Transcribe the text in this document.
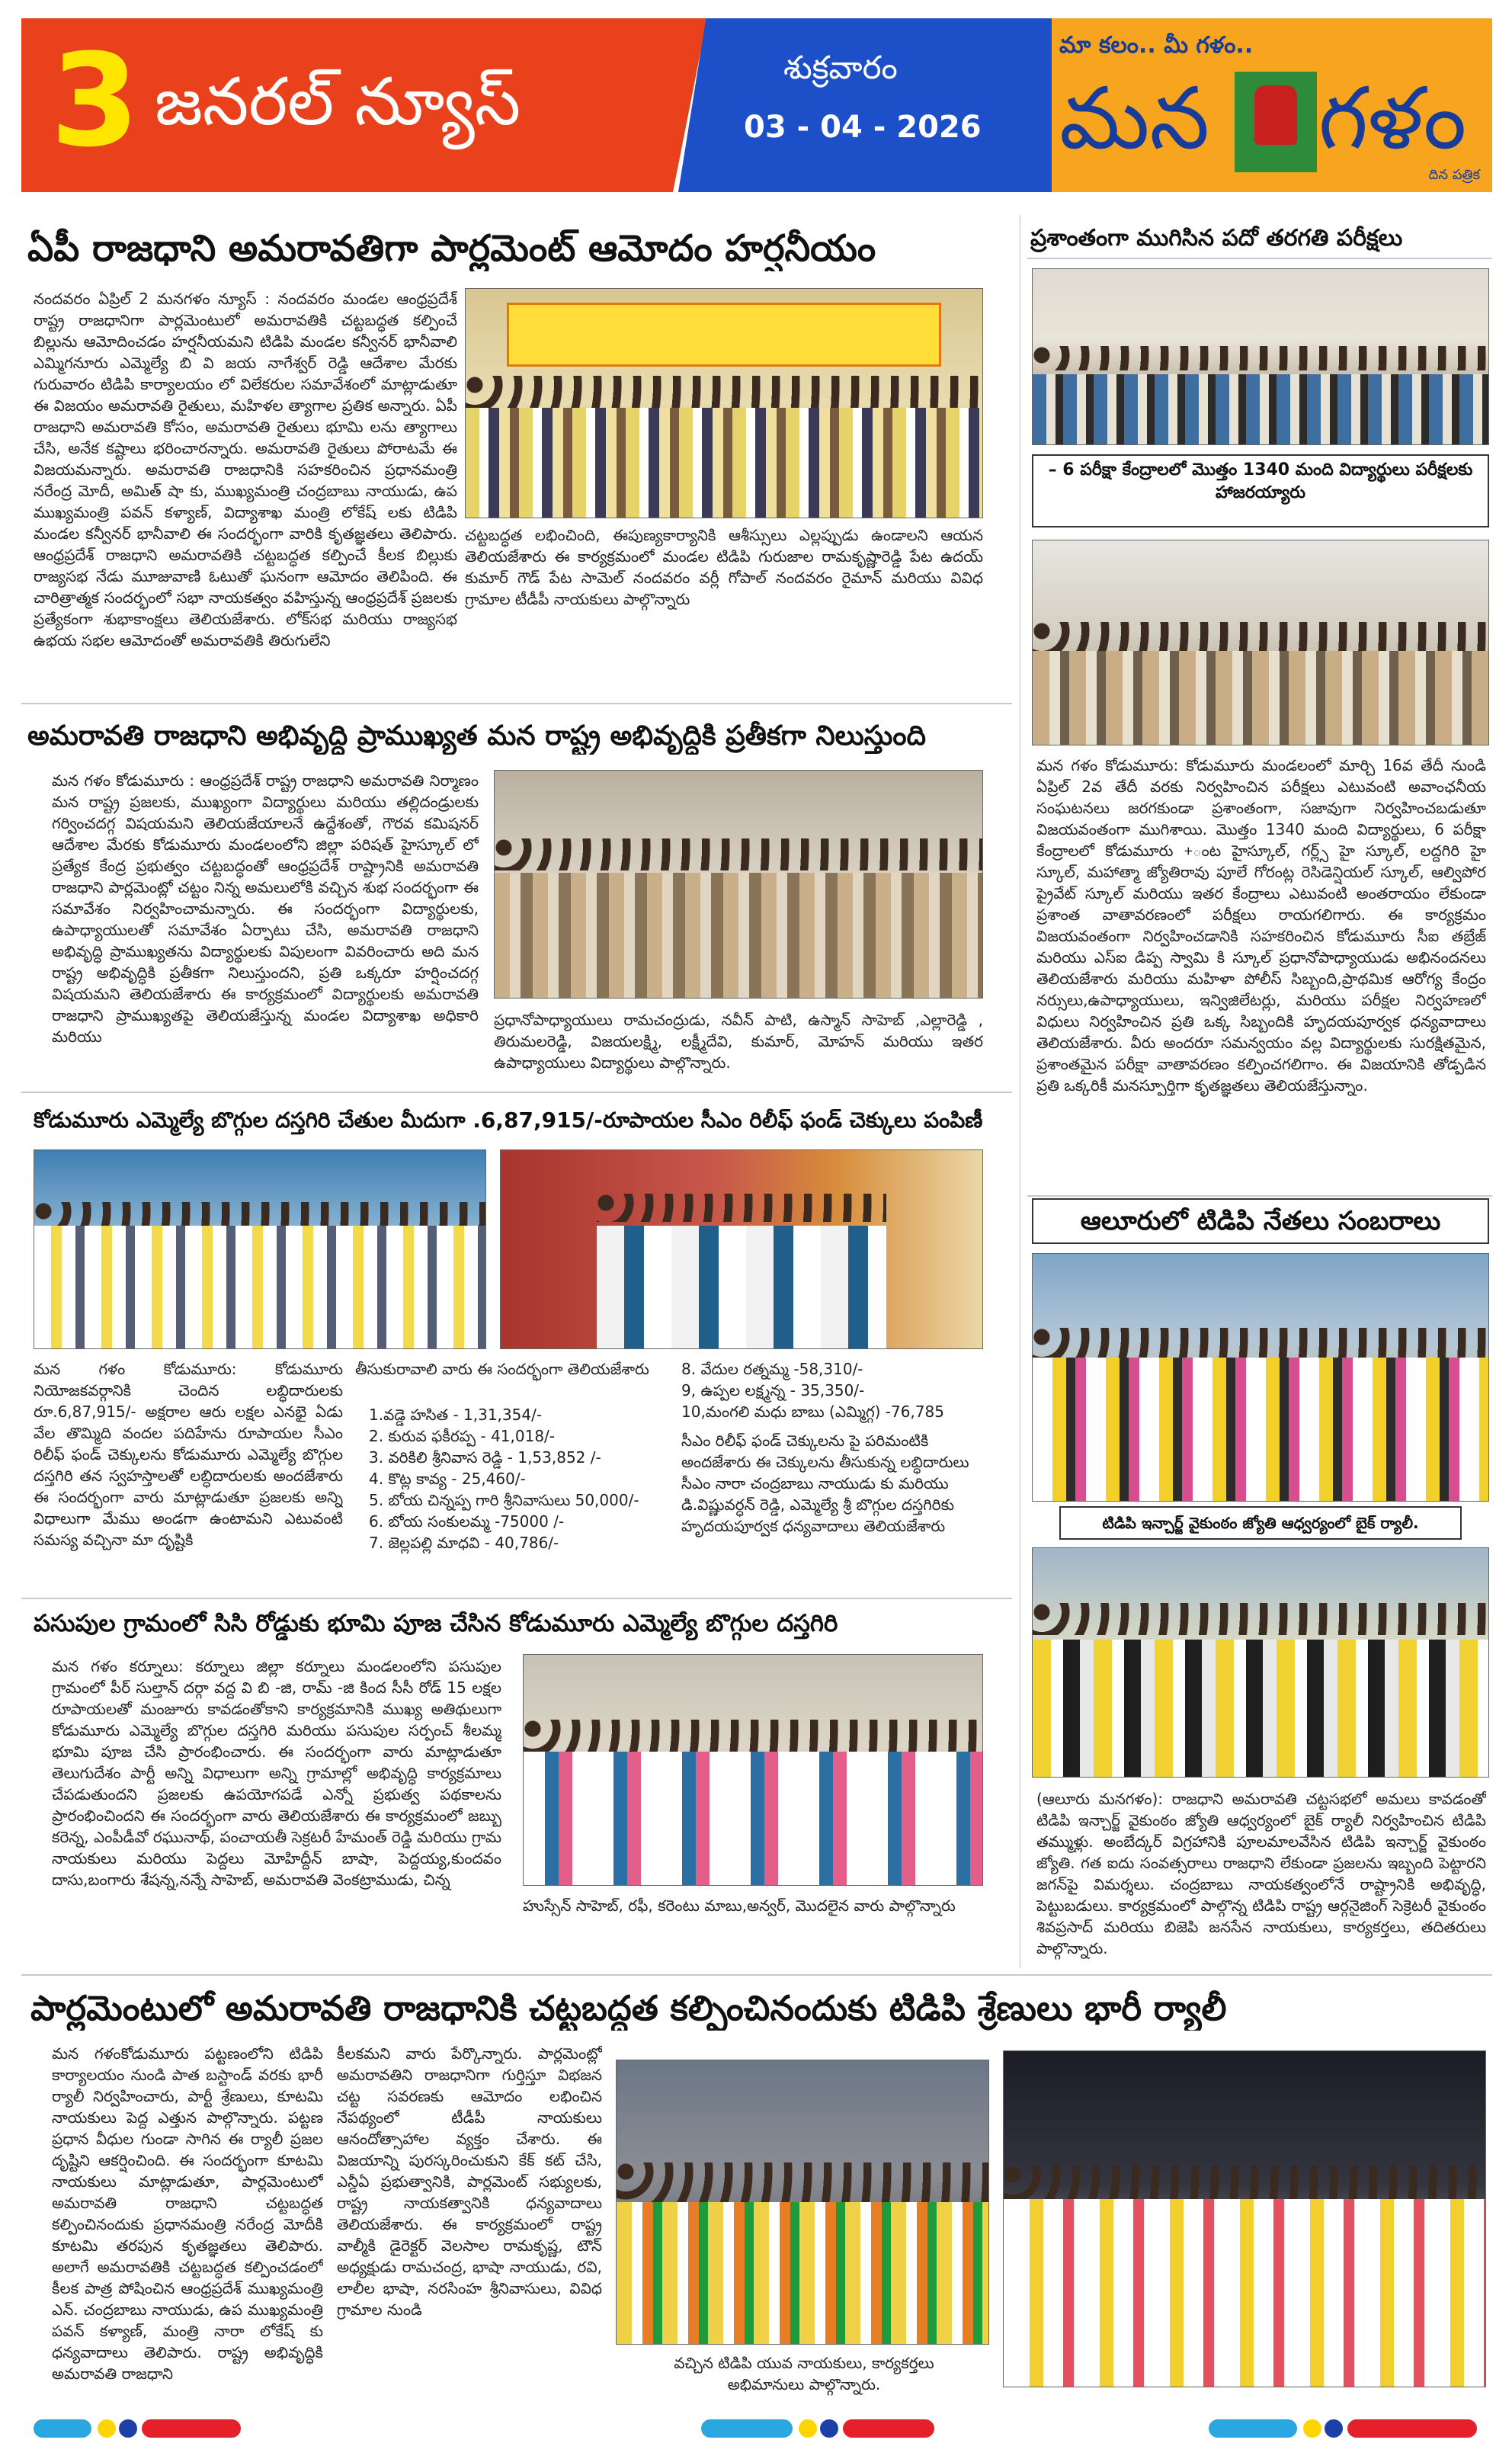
3 జనరల్ న్యూస్	శుక్రవారం
03 - 04 - 2026
మా కలం.. మీ గళం..
మన గళం
దిన పత్రిక
ఏపీ రాజధాని అమరావతిగా పార్లమెంట్ ఆమోదం హర్షనీయం
నందవరం ఏప్రిల్ 2 మనగళం న్యూస్ : నందవరం మండల ఆంధ్రప్రదేశ్ రాష్ట్ర రాజధానిగా పార్లమెంటులో అమరావతికి చట్టబద్ధత కల్పించే బిల్లును ఆమోదించడం హర్షనీయమని టిడిపి మండల కన్వీనర్ భానీవాలి ఎమ్మిగనూరు ఎమ్మెల్యే బి వి జయ నాగేశ్వర్ రెడ్డి ఆదేశాల మేరకు గురువారం టిడిపి కార్యాలయం లో విలేకరుల సమావేశంలో మాట్లాడుతూ ఈ విజయం అమరావతి రైతులు, మహిళల త్యాగాల ప్రతిక అన్నారు. ఏపీ రాజధాని అమరావతి కోసం, అమరావతి రైతులు భూమి లను త్యాగాలు చేసి, అనేక కష్టాలు భరించారన్నారు. అమరావతి రైతులు పోరాటమే ఈ విజయమన్నారు. అమరావతి రాజధానికి సహకరించిన ప్రధానమంత్రి నరేంద్ర మోదీ, అమిత్ షా కు, ముఖ్యమంత్రి చంద్రబాబు నాయుడు, ఉప ముఖ్యమంత్రి పవన్ కళ్యాణ్, విద్యాశాఖ మంత్రి లోకేష్ లకు టిడిపి మండల కన్వీనర్ భానీవాలి ఈ సందర్భంగా వారికి కృతజ్ఞతలు తెలిపారు. ఆంధ్రప్రదేశ్ రాజధాని అమరావతికి చట్టబద్ధత కల్పించే కీలక బిల్లుకు రాజ్యసభ నేడు మూజువాణి ఓటుతో ఘనంగా ఆమోదం తెలిపింది. ఈ చారిత్రాత్మక సందర్భంలో సభా నాయకత్వం వహిస్తున్న ఆంధ్రప్రదేశ్ ప్రజలకు ప్రత్యేకంగా శుభాకాంక్షలు తెలియజేశారు. లోక్‌సభ మరియు రాజ్యసభ ఉభయ సభల ఆమోదంతో అమరావతికి తిరుగులేని
చట్టబద్ధత లభించింది, ఈపుణ్యకార్యానికి ఆశీస్సులు ఎల్లప్పుడు ఉండాలని ఆయన తెలియజేశారు ఈ కార్యక్రమంలో మండల టిడిపి గురుజాల రామకృష్ణారెడ్డి పేట ఉదయ్ కుమార్ గౌడ్ పేట సామెల్ నందవరం వర్లీ గోపాల్ నందవరం రైమాన్ మరియు వివిధ గ్రామాల టీడీపీ నాయకులు పాల్గొన్నారు
అమరావతి రాజధాని అభివృద్ధి ప్రాముఖ్యత మన రాష్ట్ర అభివృద్ధికి ప్రతీకగా నిలుస్తుంది
మన గళం కోడుమూరు : ఆంధ్రప్రదేశ్ రాష్ట్ర రాజధాని అమరావతి నిర్మాణం మన రాష్ట్ర ప్రజలకు, ముఖ్యంగా విద్యార్థులు మరియు తల్లిదండ్రులకు గర్వించదగ్గ విషయమని తెలియజేయాలనే ఉద్దేశంతో, గౌరవ కమిషనర్ ఆదేశాల మేరకు కోడుమూరు మండలంలోని జిల్లా పరిషత్ హైస్కూల్ లో ప్రత్యేక కేంద్ర ప్రభుత్వం చట్టబద్ధంతో ఆంధ్రప్రదేశ్ రాష్ట్రానికి అమరావతి రాజధాని పార్లమెంట్లో చట్టం నిన్న అమలులోకి వచ్చిన శుభ సందర్భంగా ఈ సమావేశం నిర్వహించామన్నారు. ఈ సందర్భంగా విద్యార్థులకు, ఉపాధ్యాయులతో సమావేశం ఏర్పాటు చేసి, అమరావతి రాజధాని అభివృద్ధి ప్రాముఖ్యతను విద్యార్థులకు విపులంగా వివరించారు అది మన రాష్ట్ర అభివృద్ధికి ప్రతీకగా నిలుస్తుందని, ప్రతి ఒక్కరూ హర్షించదగ్గ విషయమని తెలియజేశారు ఈ కార్యక్రమంలో విద్యార్థులకు అమరావతి రాజధాని ప్రాముఖ్యతపై తెలియజేస్తున్న మండల విద్యాశాఖ అధికారి మరియు
ప్రధానోపాధ్యాయులు రామచంద్రుడు, నవీన్ పాటి, ఉస్మాన్ సాహెబ్ ,ఎల్లారెడ్డి , తిరుమలరెడ్డి, విజయలక్ష్మి, లక్ష్మీదేవి, కుమార్, మోహన్ మరియు ఇతర ఉపాధ్యాయులు విద్యార్థులు పాల్గొన్నారు.
కోడుమూరు ఎమ్మెల్యే బొగ్గుల దస్తగిరి చేతుల మీదుగా .6,87,915/-రూపాయల సీఎం రిలీఫ్ ఫండ్ చెక్కులు పంపిణీ
మన గళం కోడుమూరు: కోడుమూరు నియోజకవర్గానికి చెందిన లబ్ధిదారులకు రూ.6,87,915/- అక్షరాల ఆరు లక్షల ఎనభై ఏడు వేల తొమ్మిది వందల పదిహేను రూపాయల సీఎం రిలీఫ్ ఫండ్ చెక్కులను కోడుమూరు ఎమ్మెల్యే బొగ్గుల దస్తగిరి తన స్వహస్తాలతో లబ్ధిదారులకు అందజేశారు ఈ సందర్భంగా వారు మాట్లాడుతూ ప్రజలకు అన్ని విధాలుగా మేము అండగా ఉంటామని ఎటువంటి సమస్య వచ్చినా మా దృష్టికి
తీసుకురావాలి వారు ఈ సందర్భంగా తెలియజేశారు
1.వడ్డె హసిత - 1,31,354/-
2. కురువ ఫకీరప్ప - 41,018/-
3. వరికిలి శ్రీనివాస రెడ్డి - 1,53,852 /-
4. కొట్ల కావ్య - 25,460/-
5. బోయ చిన్నప్ప గారి శ్రీనివాసులు 50,000/-
6. బోయ సంకులమ్మ -75000 /-
7. జెల్లపల్లి మాధవి - 40,786/-
8. వేదుల రత్నమ్మ -58,310/-
9, ఉప్పల లక్ష్మన్న - 35,350/-
10,మంగలి మధు బాబు (ఎమ్మిగ్గ) -76,785
సీఎం రిలీఫ్ ఫండ్ చెక్కులను పై పరిమంటికి అందజేశారు ఈ చెక్కులను తీసుకున్న లబ్ధిదారులు సీఎం నారా చంద్రబాబు నాయుడు కు మరియు డి.విష్ణువర్ధన్ రెడ్డి, ఎమ్మెల్యే శ్రీ బొగ్గుల దస్తగిరికు హృదయపూర్వక ధన్యవాదాలు తెలియజేశారు
పసుపుల గ్రామంలో సిసి రోడ్డుకు భూమి పూజ చేసిన కోడుమూరు ఎమ్మెల్యే బొగ్గుల దస్తగిరి
మన గళం కర్నూలు: కర్నూలు జిల్లా కర్నూలు మండలంలోని పసుపుల గ్రామంలో పీర్ సుల్తాన్ దర్గా వద్ద వి బి -జి, రామ్ -జి కింద సీసీ రోడ్ 15 లక్షల రూపాయలతో మంజూరు కావడంతోకాని కార్యక్రమానికి ముఖ్య అతిథులుగా కోడుమూరు ఎమ్మెల్యే బొగ్గుల దస్తగిరి మరియు పసుపుల సర్పంచ్ శీలమ్మ భూమి పూజ చేసి ప్రారంభించారు. ఈ సందర్భంగా వారు మాట్లాడుతూ తెలుగుదేశం పార్టీ అన్ని విధాలుగా అన్ని గ్రామాల్లో అభివృద్ధి కార్యక్రమాలు చేపడుతుందని ప్రజలకు ఉపయోగపడే ఎన్నో ప్రభుత్వ పథకాలను ప్రారంభించిందని ఈ సందర్భంగా వారు తెలియజేశారు ఈ కార్యక్రమంలో జబ్బు కరెన్న, ఎంపీడీవో రఘునాథ్, పంచాయతీ సెక్రటరీ హేమంత్ రెడ్డి మరియు గ్రామ నాయకులు మరియు పెద్దలు మోహిద్దీన్ బాషా, పెద్దయ్య,కుందవం దాసు,బంగారు శేషన్న,నన్నే సాహెబ్, అమరావతి వెంకట్రాముడు, చిన్న
హుస్సేన్ సాహెబ్, రఫీ, కరెంటు మాబు,అన్వర్, మొదలైన వారు పాల్గొన్నారు
ప్రశాంతంగా ముగిసిన పదో తరగతి పరీక్షలు
– 6 పరీక్షా కేంద్రాలలో మొత్తం 1340 మంది విద్యార్థులు పరీక్షలకు హాజరయ్యారు
మన గళం కోడుమూరు: కోడుమూరు మండలంలో మార్చి 16వ తేదీ నుండి ఏప్రిల్ 2వ తేదీ వరకు నిర్వహించిన పరీక్షలు ఎటువంటి అవాంఛనీయ సంఘటనలు జరగకుండా ప్రశాంతంగా, సజావుగా నిర్వహించబడుతూ విజయవంతంగా ముగిశాయి. మొత్తం 1340 మంది విద్యార్థులు, 6 పరీక్షా కేంద్రాలలో కోడుమూరు +ంట హైస్కూల్, గర్ల్స్ హై స్కూల్, లద్దగిరి హై స్కూల్, మహాత్మా జ్యోతిరావు పూలే గోరంట్ల రెసిడెన్షియల్ స్కూల్, ఆల్విపోర ప్రైవేట్ స్కూల్ మరియు ఇతర కేంద్రాలు ఎటువంటి అంతరాయం లేకుండా ప్రశాంత వాతావరణంలో పరీక్షలు రాయగలిగారు. ఈ కార్యక్రమం విజయవంతంగా నిర్వహించడానికి సహకరించిన కోడుమూరు సీఐ తబ్రేజ్ మరియు ఎస్ఐ డిప్ప స్వామి కి స్కూల్ ప్రధానోపాధ్యాయుడు అభినందనలు తెలియజేశారు మరియు మహిళా పోలీస్ సిబ్బంది,ప్రాథమిక ఆరోగ్య కేంద్రం నర్సులు,ఉపాధ్యాయులు, ఇన్విజిలేటర్లు, మరియు పరీక్షల నిర్వహణలో విధులు నిర్వహించిన ప్రతి ఒక్క సిబ్బందికి హృదయపూర్వక ధన్యవాదాలు తెలియజేశారు. వీరు అందరూ సమన్వయం వల్ల విద్యార్థులకు సురక్షితమైన, ప్రశాంతమైన పరీక్షా వాతావరణం కల్పించగలిగాం. ఈ విజయానికి తోడ్పడిన ప్రతి ఒక్కరికీ మనస్పూర్తిగా కృతజ్ఞతలు తెలియజేస్తున్నాం.
ఆలూరులో టిడిపి నేతలు సంబరాలు
టిడిపి ఇన్చార్జ్ వైకుంఠం జ్యోతి ఆధ్వర్యంలో బైక్ ర్యాలీ.
(ఆలూరు మనగళం): రాజధాని అమరావతి చట్టసభలో అమలు కావడంతో టిడిపి ఇన్చార్జ్ వైకుంఠం జ్యోతి ఆధ్వర్యంలో బైక్ ర్యాలీ నిర్వహించిన టిడిపి తమ్ముళ్లు. అంబేద్కర్ విగ్రహానికి పూలమాలవేసిన టిడిపి ఇన్చార్జ్ వైకుంఠం జ్యోతి. గత ఐదు సంవత్సరాలు రాజధాని లేకుండా ప్రజలను ఇబ్బంది పెట్టారని జగన్‌పై విమర్శలు. చంద్రబాబు నాయకత్వంలోనే రాష్ట్రానికి అభివృద్ధి, పెట్టుబడులు. కార్యక్రమంలో పాల్గొన్న టిడిపి రాష్ట్ర ఆర్గనైజింగ్ సెక్రెటరీ వైకుంఠం శివప్రసాద్ మరియు బిజెపి జనసేన నాయకులు, కార్యకర్తలు, తదితరులు పాల్గొన్నారు.
పార్లమెంటులో అమరావతి రాజధానికి చట్టబద్ధత కల్పించినందుకు టిడిపి శ్రేణులు భారీ ర్యాలీ
మన గళంకోడుమూరు పట్టణంలోని టిడిపి కార్యాలయం నుండి పాత బస్టాండ్ వరకు భారీ ర్యాలీ నిర్వహించారు, పార్టీ శ్రేణులు, కూటమి నాయకులు పెద్ద ఎత్తున పాల్గొన్నారు. పట్టణ ప్రధాన వీధుల గుండా సాగిన ఈ ర్యాలీ ప్రజల దృష్టిని ఆకర్షించింది. ఈ సందర్భంగా కూటమి నాయకులు మాట్లాడుతూ, పార్లమెంటులో అమరావతి రాజధాని చట్టబద్ధత కల్పించినందుకు ప్రధానమంత్రి నరేంద్ర మోదీకి కూటమి తరపున కృతజ్ఞతలు తెలిపారు. అలాగే అమరావతికి చట్టబద్ధత కల్పించడంలో కీలక పాత్ర పోషించిన ఆంధ్రప్రదేశ్ ముఖ్యమంత్రి ఎన్. చంద్రబాబు నాయుడు, ఉప ముఖ్యమంత్రి పవన్ కళ్యాణ్, మంత్రి నారా లోకేష్ కు ధన్యవాదాలు తెలిపారు. రాష్ట్ర అభివృద్ధికి అమరావతి రాజధాని
కీలకమని వారు పేర్కొన్నారు. పార్లమెంట్లో అమరావతిని రాజధానిగా గుర్తిస్తూ విభజన చట్ట సవరణకు ఆమోదం లభించిన నేపథ్యంలో టీడీపీ నాయకులు ఆనందోత్సాహాల వ్యక్తం చేశారు. ఈ విజయాన్ని పురస్కరించుకుని కేక్ కట్ చేసి, ఎన్డీఏ ప్రభుత్వానికి, పార్లమెంట్ సభ్యులకు, రాష్ట్ర నాయకత్వానికి ధన్యవాదాలు తెలియజేశారు. ఈ కార్యక్రమంలో రాష్ట్ర వాల్మీకి డైరెక్టర్ వెలసాల రామకృష్ణ, టౌన్ అధ్యక్షుడు రామచంద్ర, భాషా నాయుడు, రవి, లాలీల భాషా, నరసింహ శ్రీనివాసులు, వివిధ గ్రామాల నుండి
వచ్చిన టిడిపి యువ నాయకులు, కార్యకర్తలు అభిమానులు పాల్గొన్నారు.
